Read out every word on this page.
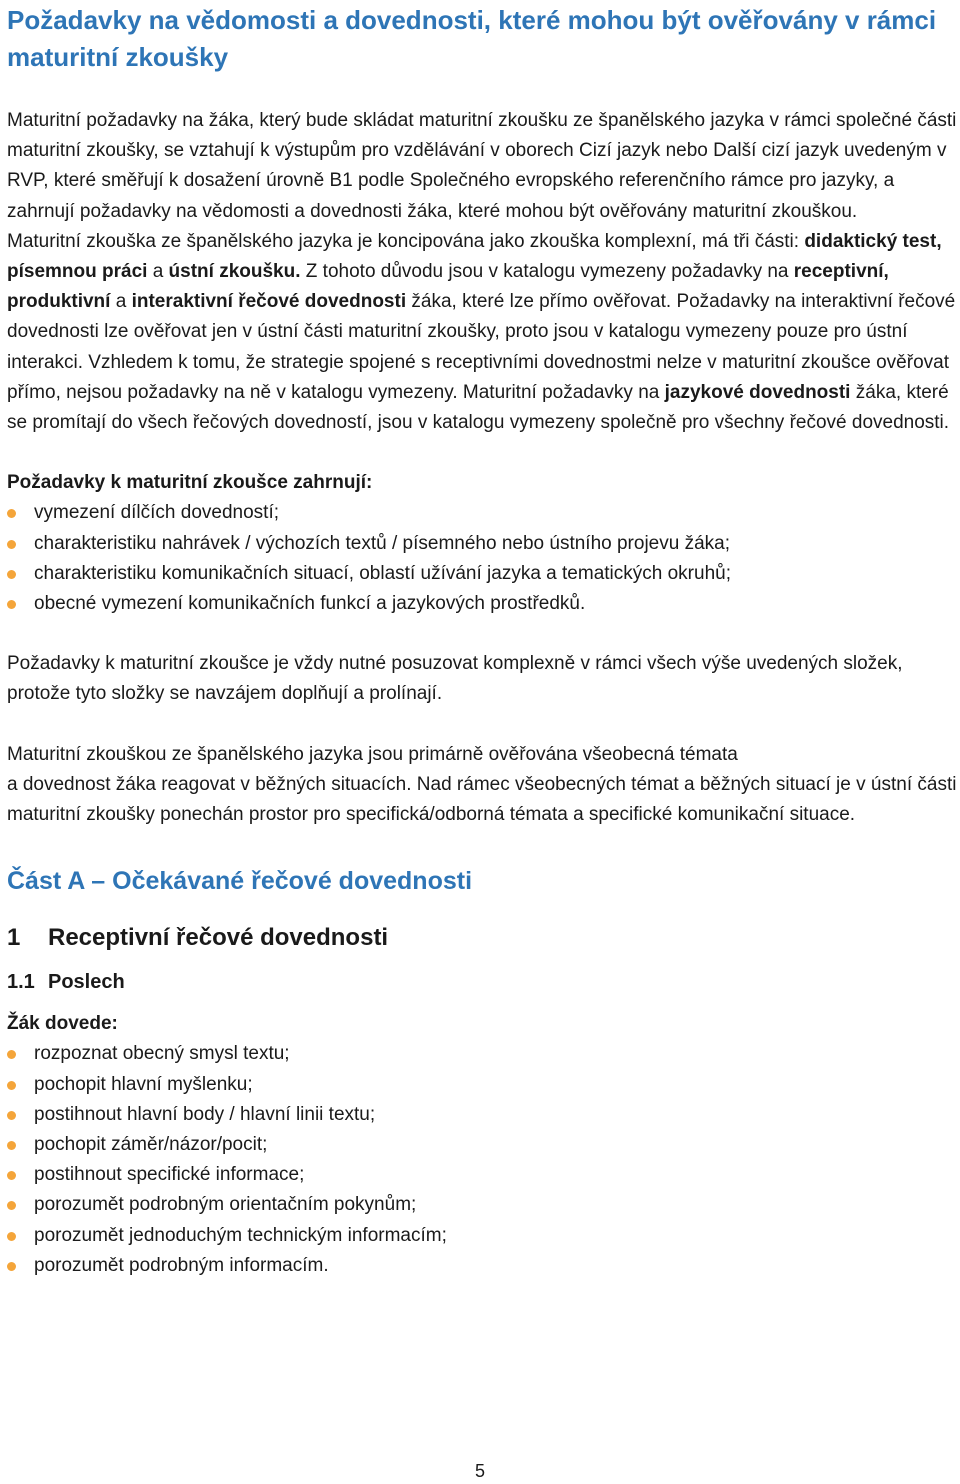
Požadavky na vědomosti a dovednosti, které mohou být ověřovány v rámci maturitní zkoušky

Maturitní požadavky na žáka, který bude skládat maturitní zkoušku ze španělského jazyka v rámci společné části maturitní zkoušky, se vztahují k výstupům pro vzdělávání v oborech Cizí jazyk nebo Další cizí jazyk uvedeným v RVP, které směřují k dosažení úrovně B1 podle Společného evropského referenčního rámce pro jazyky, a zahrnují požadavky na vědomosti a dovednosti žáka, které mohou být ověřovány maturitní zkouškou.

Maturitní zkouška ze španělského jazyka je koncipována jako zkouška komplexní, má tři části: didaktický test, písemnou práci a ústní zkoušku. Z tohoto důvodu jsou v katalogu vymezeny požadavky na receptivní, produktivní a interaktivní řečové dovednosti žáka, které lze přímo ověřovat. Požadavky na interaktivní řečové dovednosti lze ověřovat jen v ústní části maturitní zkoušky, proto jsou v katalogu vymezeny pouze pro ústní interakci. Vzhledem k tomu, že strategie spojené s receptivními dovednostmi nelze v maturitní zkoušce ověřovat přímo, nejsou požadavky na ně v katalogu vymezeny. Maturitní požadavky na jazykové dovednosti žáka, které se promítají do všech řečových dovedností, jsou v katalogu vymezeny společně pro všechny řečové dovednosti.

Požadavky k maturitní zkoušce zahrnují:

vymezení dílčích dovedností;
charakteristiku nahrávek / výchozích textů / písemného nebo ústního projevu žáka;
charakteristiku komunikačních situací, oblastí užívání jazyka a tematických okruhů;
obecné vymezení komunikačních funkcí a jazykových prostředků.

Požadavky k maturitní zkoušce je vždy nutné posuzovat komplexně v rámci všech výše uvedených složek, protože tyto složky se navzájem doplňují a prolínají.

Maturitní zkouškou ze španělského jazyka jsou primárně ověřována všeobecná témata
a dovednost žáka reagovat v běžných situacích. Nad rámec všeobecných témat a běžných situací je v ústní části maturitní zkoušky ponechán prostor pro specifická/odborná témata a specifické komunikační situace.

Část A – Očekávané řečové dovednosti
1 Receptivní řečové dovednosti
1.1 Poslech

Žák dovede:

rozpoznat obecný smysl textu;
pochopit hlavní myšlenku;
postihnout hlavní body / hlavní linii textu;
pochopit záměr/názor/pocit;
postihnout specifické informace;
porozumět podrobným orientačním pokynům;
porozumět jednoduchým technickým informacím;
porozumět podrobným informacím.
5
